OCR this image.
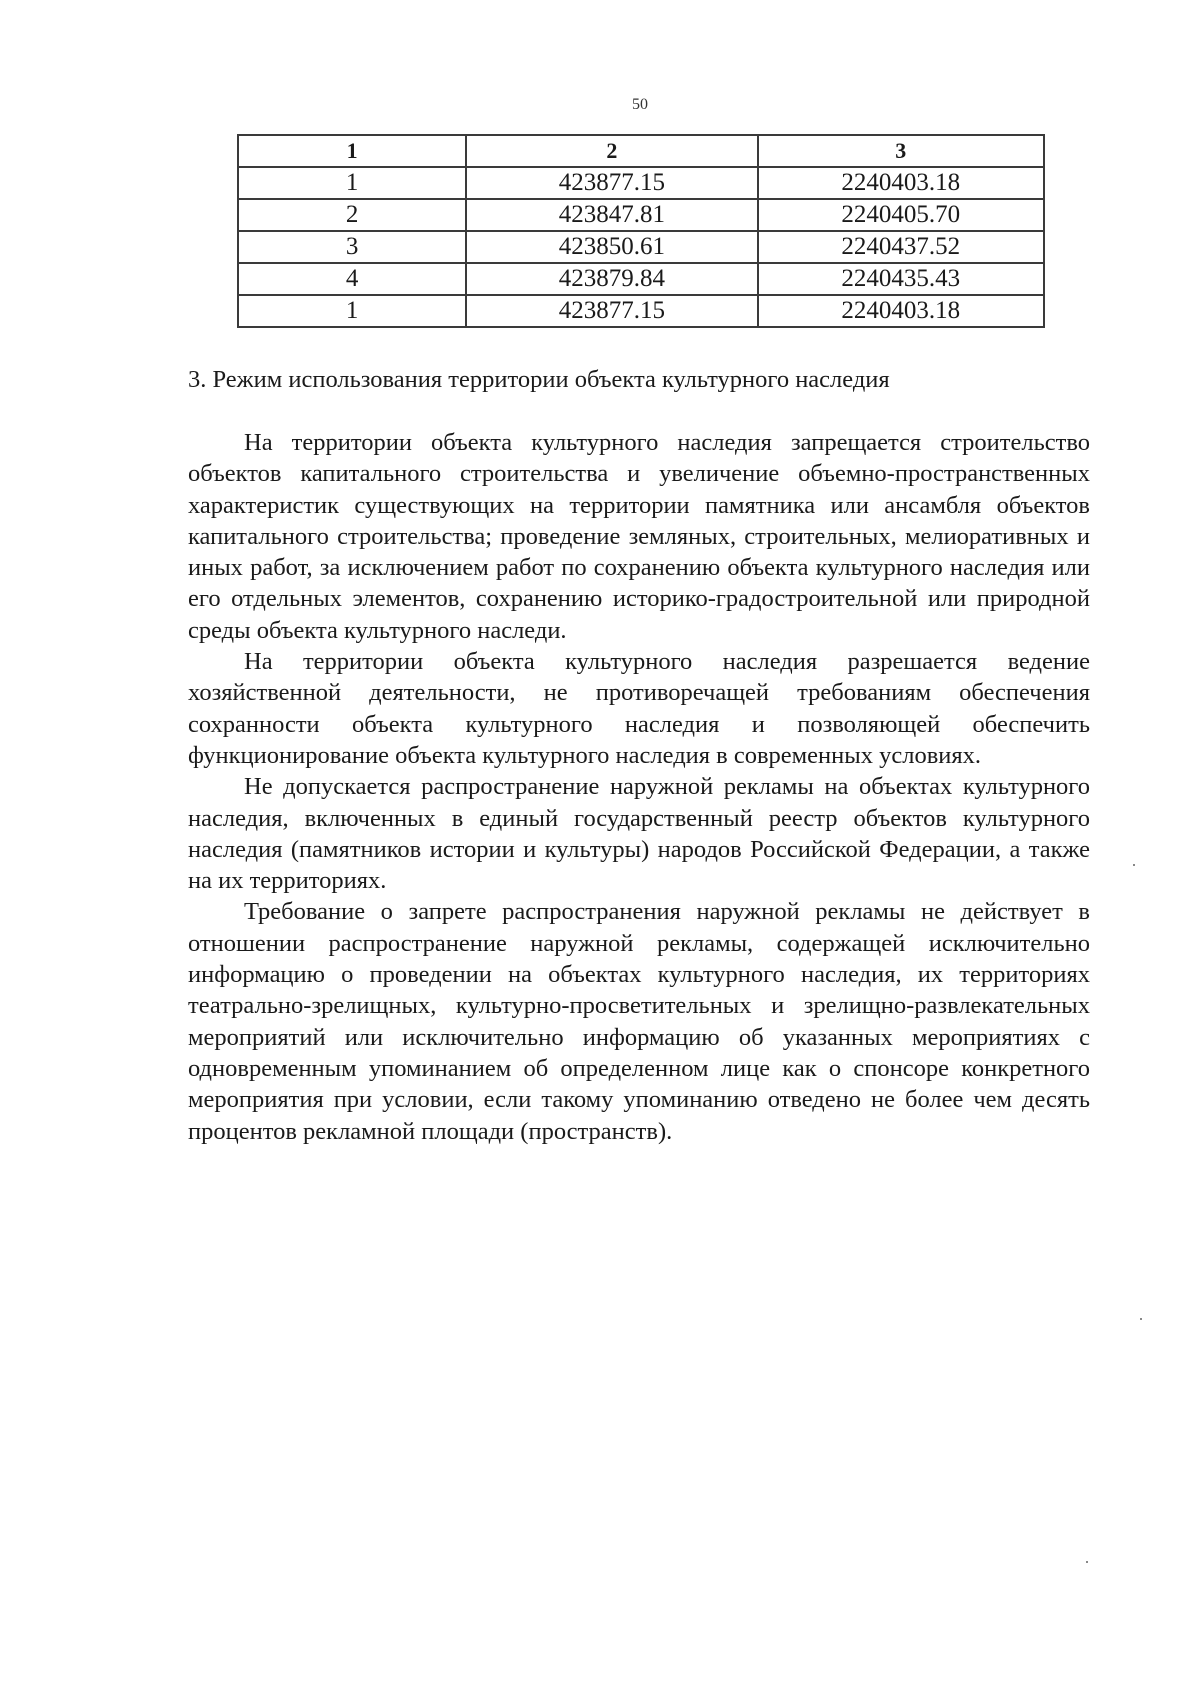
50
1	2	3
1	423877.15	2240403.18
2	423847.81	2240405.70
3	423850.61	2240437.52
4	423879.84	2240435.43
1	423877.15	2240403.18
3. Режим использования территории объекта культурного наследия

На территории объекта культурного наследия запрещается строительство объектов капитального строительства и увеличение объемно-пространственных характеристик существующих на территории памятника или ансамбля объектов капитального строительства; проведение земляных, строительных, мелиоративных и иных работ, за исключением работ по сохранению объекта культурного наследия или его отдельных элементов, сохранению историко-градостроительной или природной среды объекта культурного наследи.

На территории объекта культурного наследия разрешается ведение хозяйственной деятельности, не противоречащей требованиям обеспечения сохранности объекта культурного наследия и позволяющей обеспечить функционирование объекта культурного наследия в современных условиях.

Не допускается распространение наружной рекламы на объектах культурного наследия, включенных в единый государственный реестр объектов культурного наследия (памятников истории и культуры) народов Российской Федерации, а также на их территориях.

Требование о запрете распространения наружной рекламы не действует в отношении распространение наружной рекламы, содержащей исключительно информацию о проведении на объектах культурного наследия, их территориях театрально-зрелищных, культурно-просветительных и зрелищно-развлекательных мероприятий или исключительно информацию об указанных мероприятиях с одновременным упоминанием об определенном лице как о спонсоре конкретного мероприятия при условии, если такому упоминанию отведено не более чем десять процентов рекламной площади (пространств).
